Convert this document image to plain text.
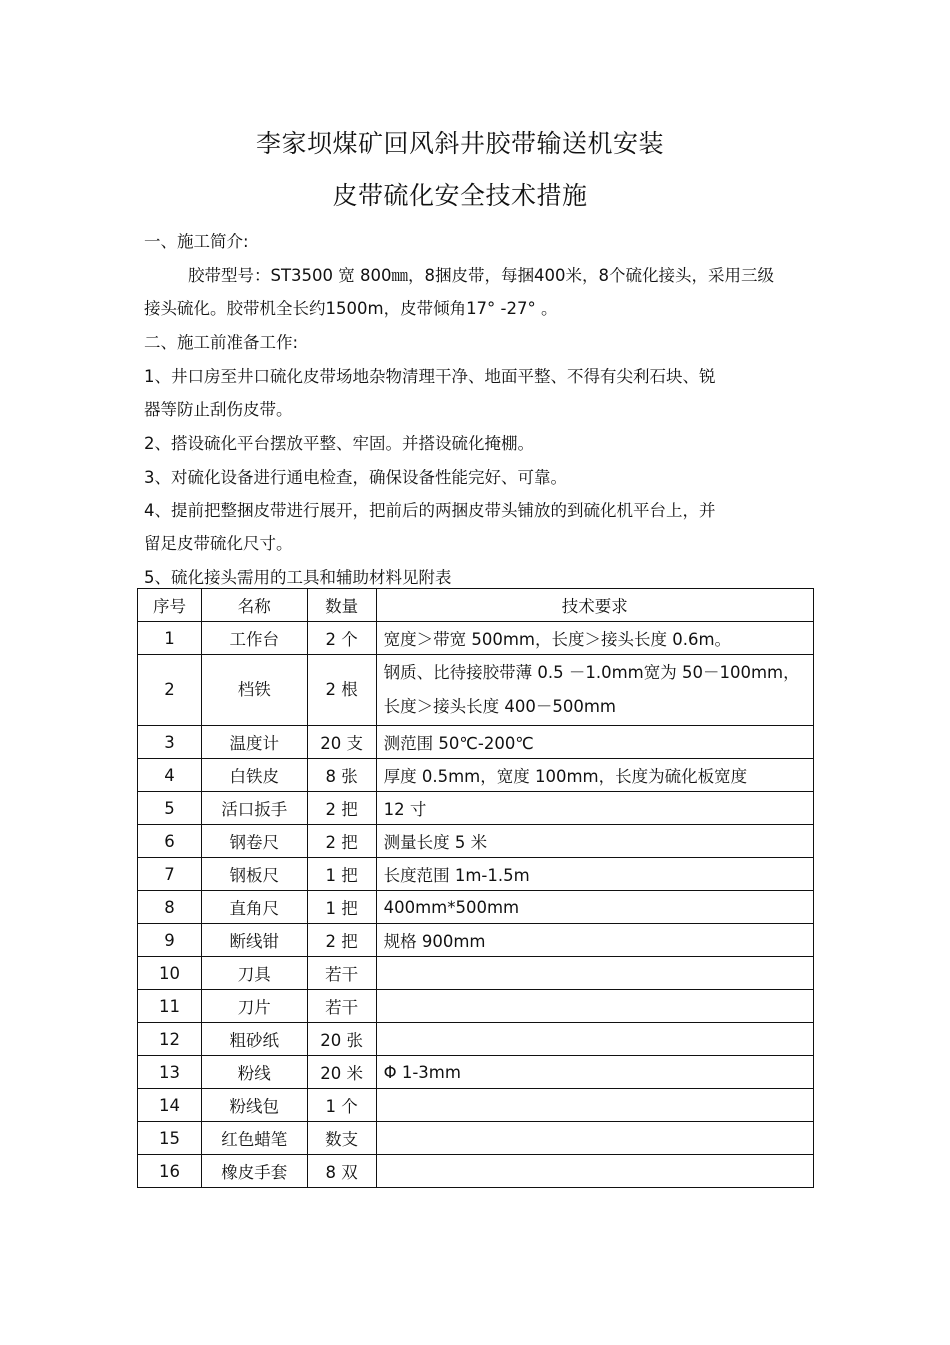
李家坝煤矿回风斜井胶带输送机安装
皮带硫化安全技术措施
一、施工简介:
胶带型号：ST3500 宽 800㎜，8捆皮带，每捆400米，8个硫化接头，采用三级
接头硫化。胶带机全长约1500m，皮带倾角17° -27° 。
二、施工前准备工作:
1、井口房至井口硫化皮带场地杂物清理干净、地面平整、不得有尖利石块、锐
器等防止刮伤皮带。
2、搭设硫化平台摆放平整、牢固。并搭设硫化掩棚。
3、对硫化设备进行通电检查，确保设备性能完好、可靠。
4、提前把整捆皮带进行展开，把前后的两捆皮带头铺放的到硫化机平台上，并
留足皮带硫化尺寸。
5、硫化接头需用的工具和辅助材料见附表
序号	名称	数量	技术要求
1	工作台	2 个	宽度＞带宽 500mm，长度＞接头长度 0.6m。
2	档铁	2 根	钢质、比待接胶带薄 0.5 －1.0mm宽为 50－100mm，
长度＞接头长度 400－500mm

3	温度计	20 支	测范围 50℃-200℃
4	白铁皮	8 张	厚度 0.5mm，宽度 100mm，长度为硫化板宽度
5	活口扳手	2 把	12 寸
6	钢卷尺	2 把	测量长度 5 米
7	钢板尺	1 把	长度范围 1m-1.5m
8	直角尺	1 把	400mm*500mm
9	断线钳	2 把	规格 900mm
10	刀具	若干	
11	刀片	若干	
12	粗砂纸	20 张	
13	粉线	20 米	Φ 1-3mm
14	粉线包	1 个	
15	红色蜡笔	数支	
16	橡皮手套	8 双	
